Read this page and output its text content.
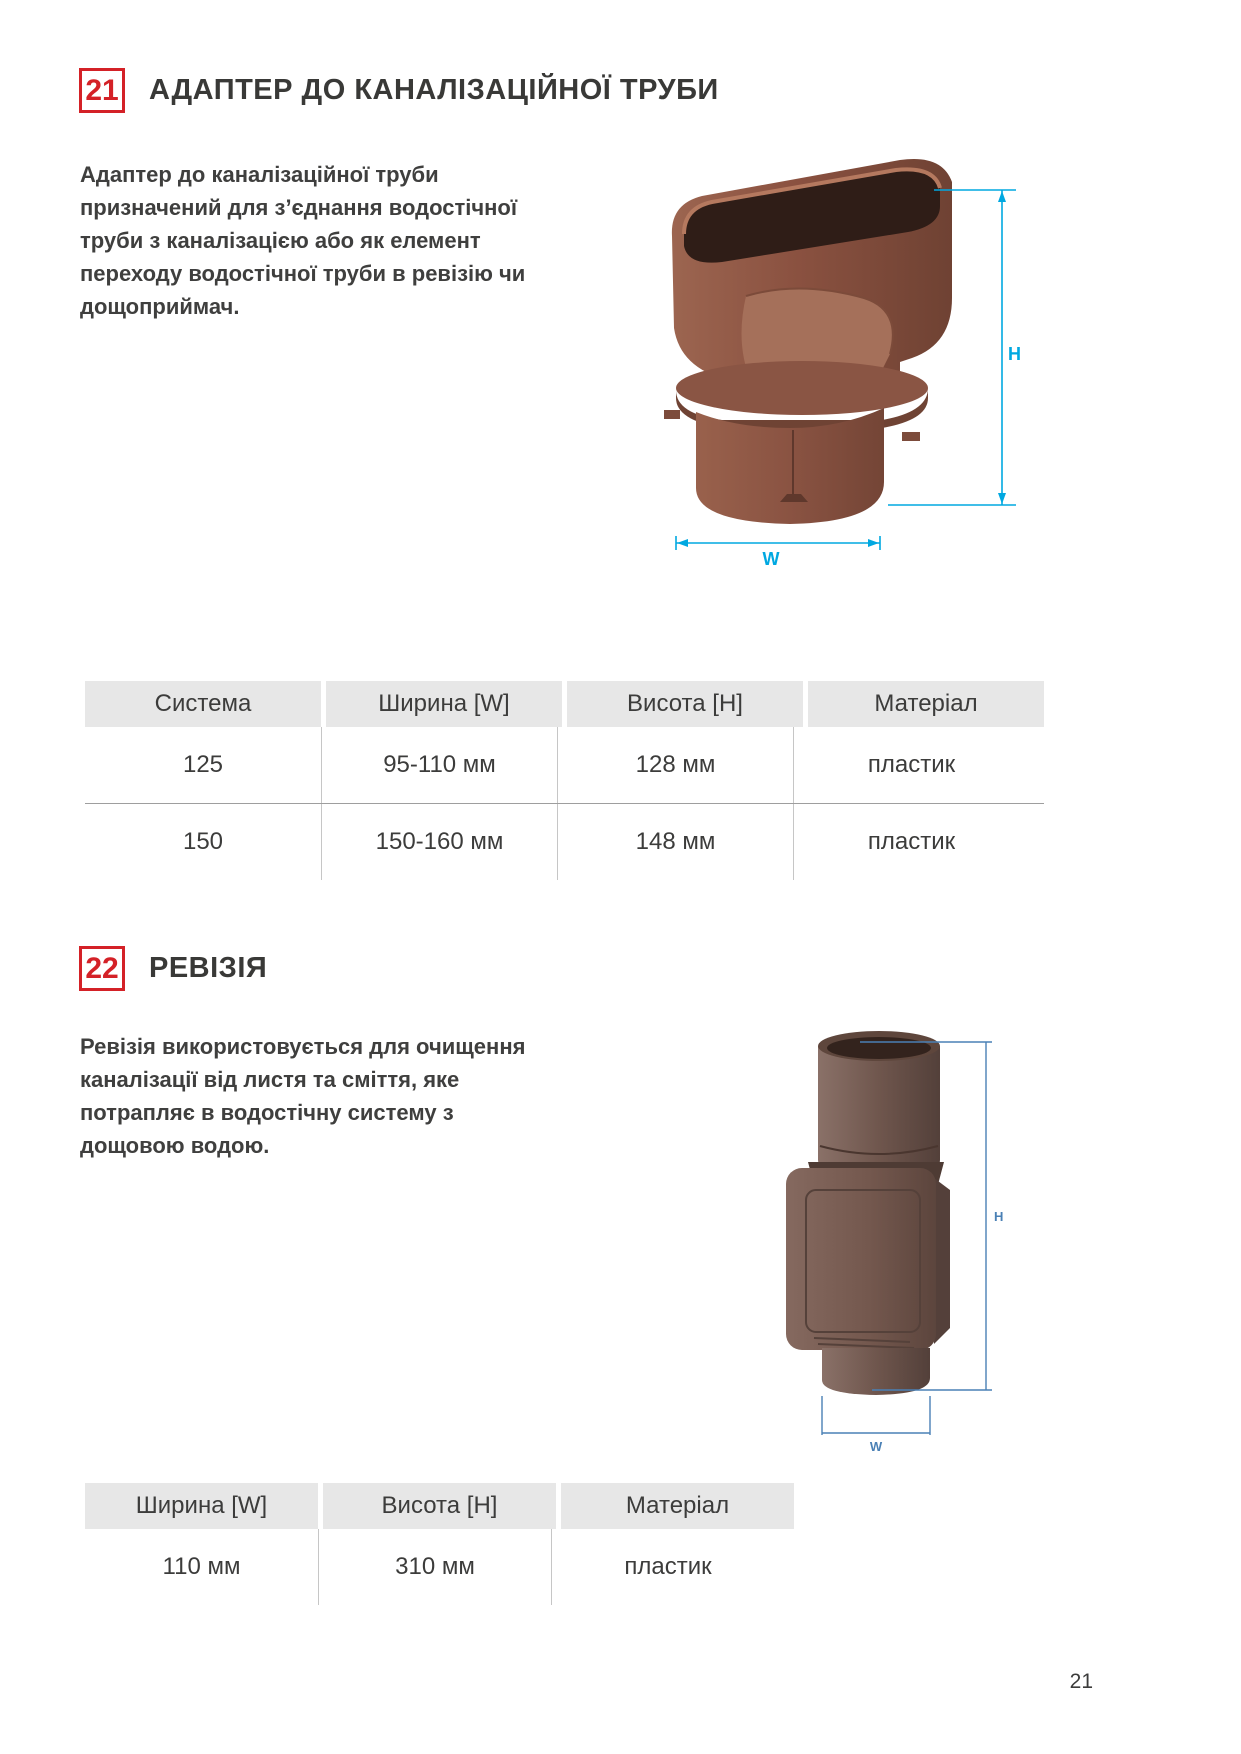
21 АДАПТЕР ДО КАНАЛІЗАЦІЙНОЇ ТРУБИ
Адаптер до каналізаційної труби призначений для з’єднання водостічної труби з каналізацією або як елемент переходу водостічної труби в ревізію чи дощоприймач.
H
W
Система	Ширина [W]	Висота [H]	Матеріал
125	95-110 мм	128 мм	пластик
150	150-160 мм	148 мм	пластик
22 РЕВІЗІЯ
Ревізія використовується для очищення каналізації від листя та сміття, яке потрапляє в водостічну систему з дощовою водою.
H
W
Ширина [W]	Висота [H]	Матеріал
110 мм	310 мм	пластик
21
